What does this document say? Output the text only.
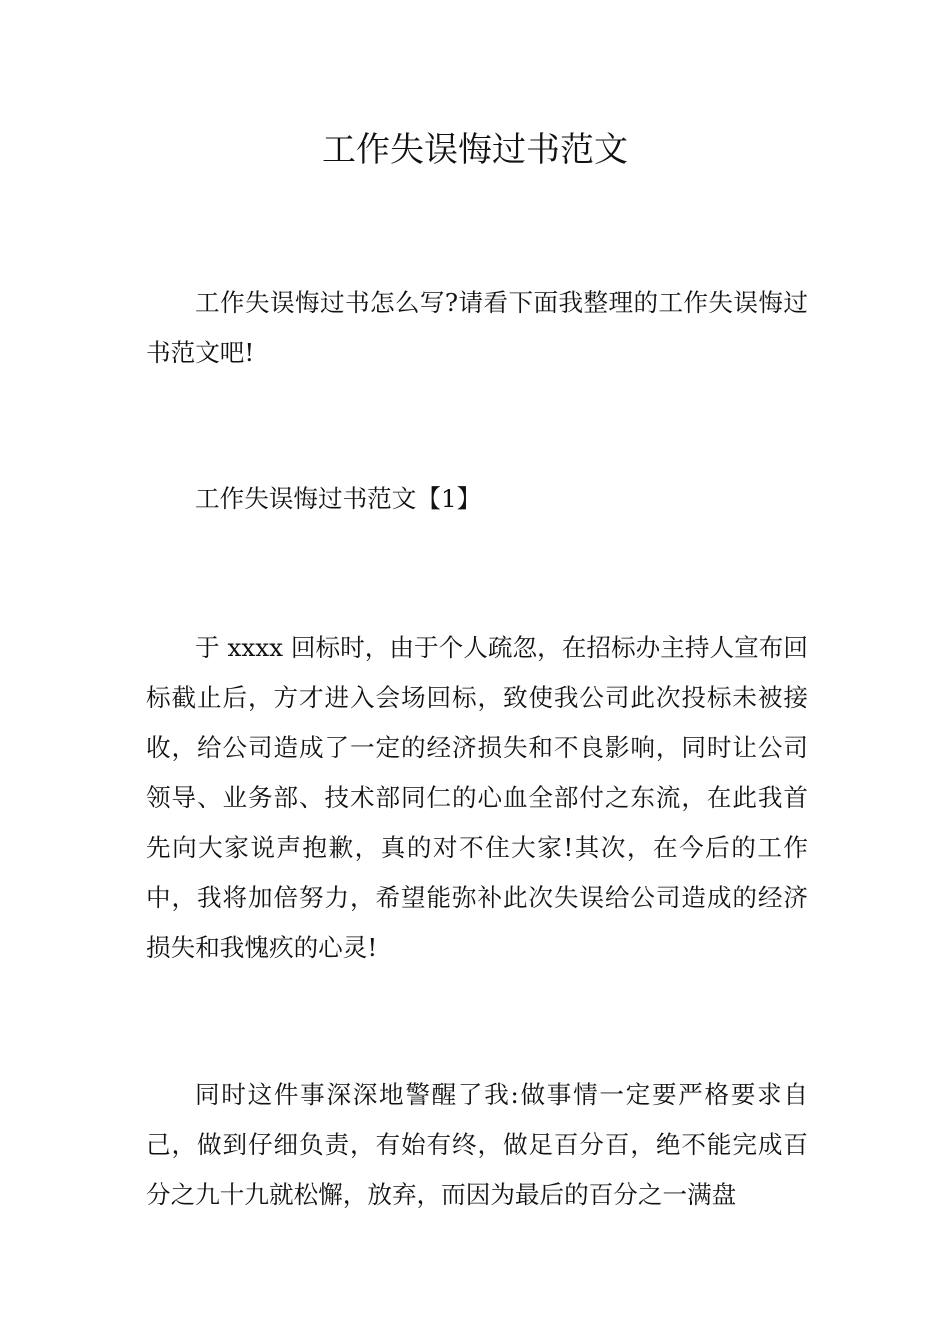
工作失误悔过书范文

工作失误悔过书怎么写?请看下面我整理的工作失误悔过书范文吧!

工作失误悔过书范文【1】

于 xxxx 回标时，由于个人疏忽，在招标办主持人宣布回标截止后，方才进入会场回标，致使我公司此次投标未被接收，给公司造成了一定的经济损失和不良影响，同时让公司领导、业务部、技术部同仁的心血全部付之东流，在此我首先向大家说声抱歉，真的对不住大家!其次，在今后的工作中，我将加倍努力，希望能弥补此次失误给公司造成的经济损失和我愧疚的心灵!

同时这件事深深地警醒了我:做事情一定要严格要求自己，做到仔细负责，有始有终，做足百分百，绝不能完成百分之九十九就松懈，放弃，而因为最后的百分之一满盘
